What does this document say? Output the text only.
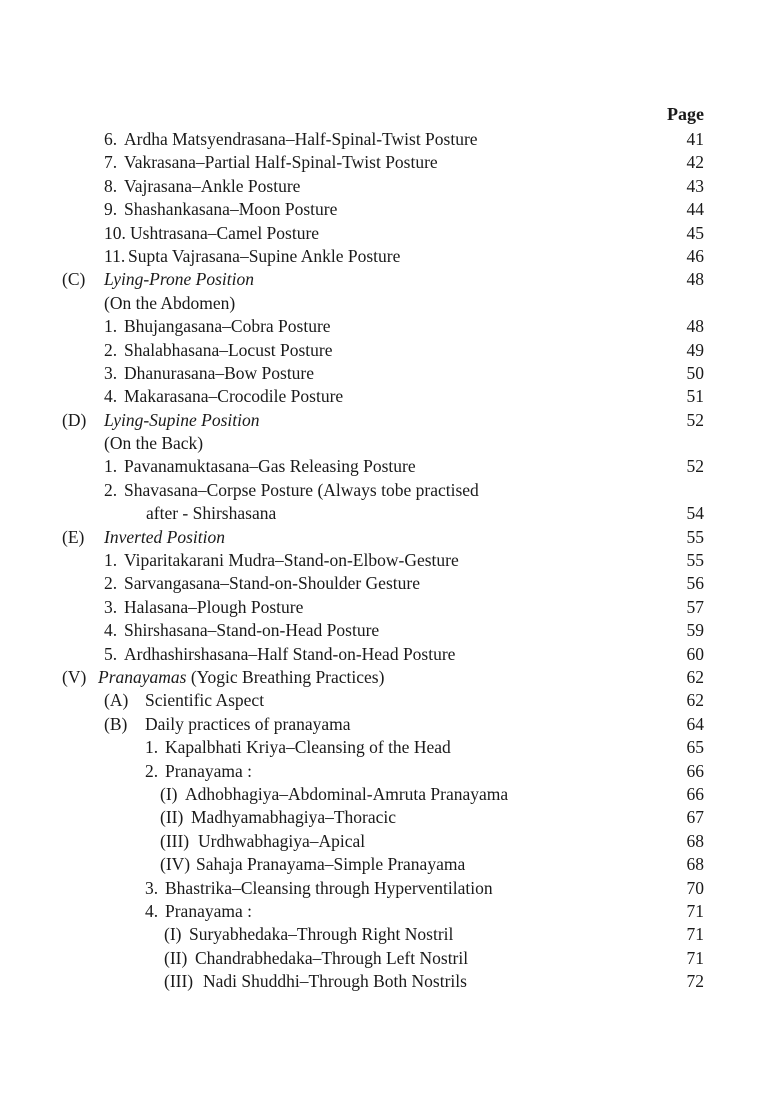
Page
6. Ardha Matsyendrasana–Half-Spinal-Twist Posture	41
7. Vakrasana–Partial Half-Spinal-Twist Posture	42
8. Vajrasana–Ankle Posture	43
9. Shashankasana–Moon Posture	44
10. Ushtrasana–Camel Posture	45
11. Supta Vajrasana–Supine Ankle Posture	46
(C) Lying-Prone Position	48
(On the Abdomen)
1. Bhujangasana–Cobra Posture	48
2. Shalabhasana–Locust Posture	49
3. Dhanurasana–Bow Posture	50
4. Makarasana–Crocodile Posture	51
(D) Lying-Supine Position	52
(On the Back)
1. Pavanamuktasana–Gas Releasing Posture	52
2. Shavasana–Corpse Posture (Always tobe practised
after - Shirshasana	54
(E) Inverted Position	55
1. Viparitakarani Mudra–Stand-on-Elbow-Gesture	55
2. Sarvangasana–Stand-on-Shoulder Gesture	56
3. Halasana–Plough Posture	57
4. Shirshasana–Stand-on-Head Posture	59
5. Ardhashirshasana–Half Stand-on-Head Posture	60
(V) Pranayamas (Yogic Breathing Practices)	62
(A) Scientific Aspect	62
(B) Daily practices of pranayama	64
1. Kapalbhati Kriya–Cleansing of the Head	65
2. Pranayama :	66
(I) Adhobhagiya–Abdominal-Amruta Pranayama	66
(II) Madhyamabhagiya–Thoracic	67
(III) Urdhwabhagiya–Apical	68
(IV) Sahaja Pranayama–Simple Pranayama	68
3. Bhastrika–Cleansing through Hyperventilation	70
4. Pranayama :	71
(I) Suryabhedaka–Through Right Nostril	71
(II) Chandrabhedaka–Through Left Nostril	71
(III) Nadi Shuddhi–Through Both Nostrils	72
